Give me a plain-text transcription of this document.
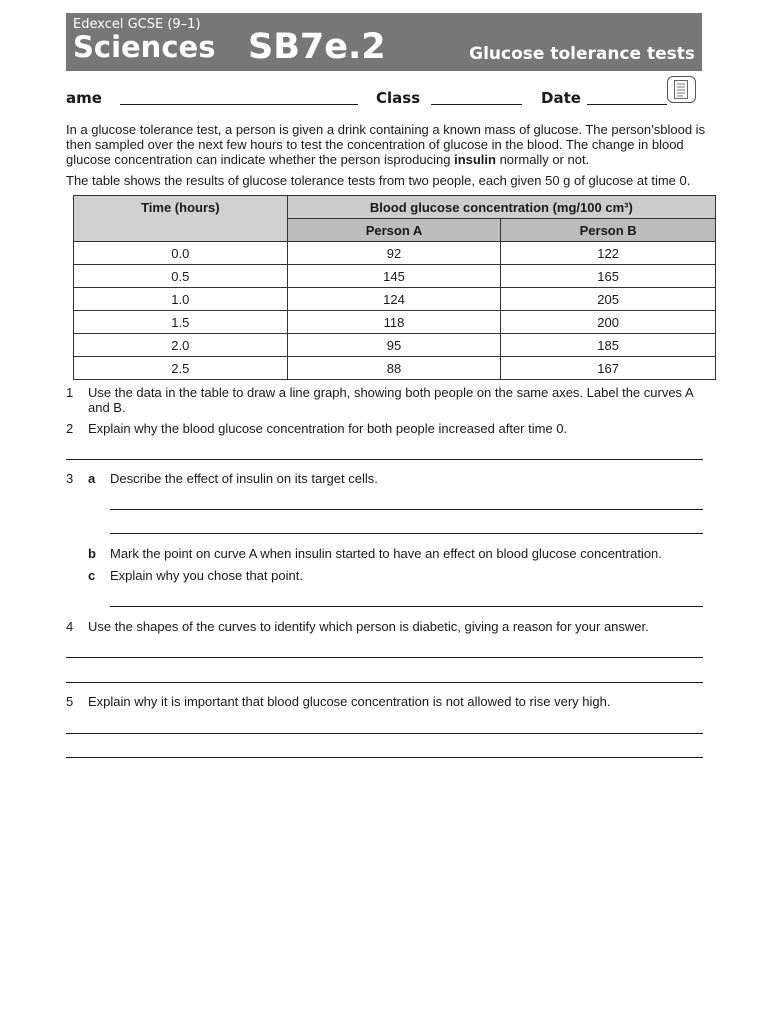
Edexcel GCSE (9–1)
Sciences SB7e.2	Glucose tolerance tests
ame	Class	Date
In a glucose tolerance test, a person is given a drink containing a known mass of glucose. The person’sblood is then sampled over the next few hours to test the concentration of glucose in the blood. The change in blood glucose concentration can indicate whether the person isproducing insulin normally or not.
The table shows the results of glucose tolerance tests from two people, each given 50 g of glucose at time 0.
Time (hours)	Blood glucose concentration (mg/100 cm³)	
	Person A	Person B
0.0	92	122
0.5	145	165
1.0	124	205
1.5	118	200
2.0	95	185
2.5	88	167
1 Use the data in the table to draw a line graph, showing both people on the same axes. Label the curves A and B.
2 Explain why the blood glucose concentration for both people increased after time 0.
3 a Describe the effect of insulin on its target cells.
b Mark the point on curve A when insulin started to have an effect on blood glucose concentration.
c Explain why you chose that point.
4 Use the shapes of the curves to identify which person is diabetic, giving a reason for your answer.
5 Explain why it is important that blood glucose concentration is not allowed to rise very high.
